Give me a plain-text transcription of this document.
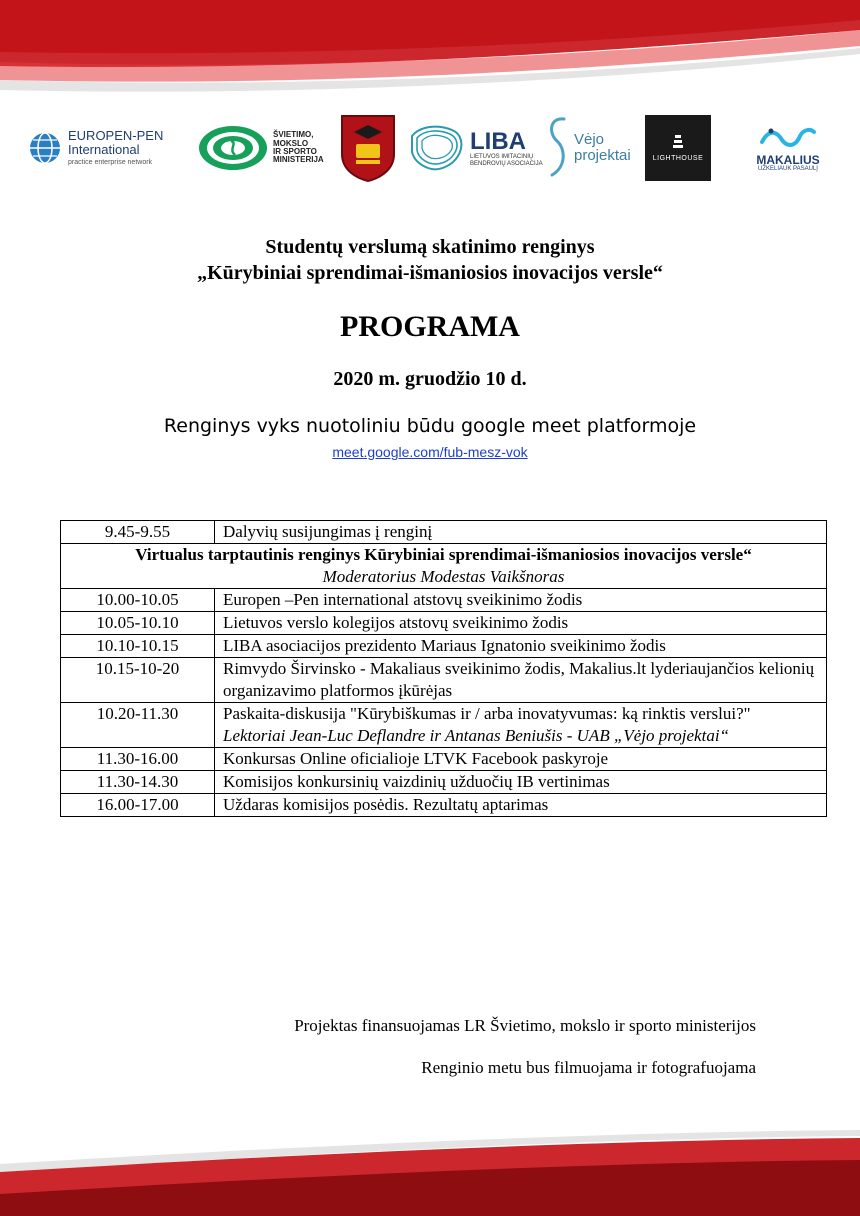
EUROPEN-PEN
International
practice enterprise network
ŠVIETIMO,
MOKSLO
IR SPORTO
MINISTERIJA
LIBA
LIETUVOS IMITACINIŲ
BENDROVIŲ ASOCIACIJA
Vėjo
projektai	LIGHTHOUSE	MAKALIUS
UŽKELIAUK PASAULĮ
Studentų verslumą skatinimo renginys
„Kūrybiniai sprendimai-išmaniosios inovacijos versle“
PROGRAMA
2020 m. gruodžio 10 d.
Renginys vyks nuotoliniu būdu google meet platformoje
meet.google.com/fub-mesz-vok
9.45-9.55	Dalyvių susijungimas į renginį

Virtualus tarptautinis renginys Kūrybiniai sprendimai-išmaniosios inovacijos versle“
Moderatorius Modestas Vaikšnoras	

10.00-10.05	Europen –Pen international atstovų sveikinimo žodis
10.05-10.10	Lietuvos verslo kolegijos atstovų sveikinimo žodis
10.10-10.15	LIBA asociacijos prezidento Mariaus Ignatonio sveikinimo žodis
10.15-10-20	Rimvydo Širvinsko - Makaliaus sveikinimo žodis, Makalius.lt lyderiaujančios kelionių organizavimo platformos įkūrėjas
10.20-11.30	Paskaita-diskusija "Kūrybiškumas ir / arba inovatyvumas: ką rinktis verslui?"
Lektoriai Jean-Luc Deflandre ir Antanas Beniušis - UAB „Vėjo projektai“

11.30-16.00	Konkursas Online oficialioje LTVK Facebook paskyroje
11.30-14.30	Komisijos konkursinių vaizdinių užduočių IB vertinimas
16.00-17.00	Uždaras komisijos posėdis. Rezultatų aptarimas
Projektas finansuojamas LR Švietimo, mokslo ir sporto ministerijos
Renginio metu bus filmuojama ir fotografuojama
